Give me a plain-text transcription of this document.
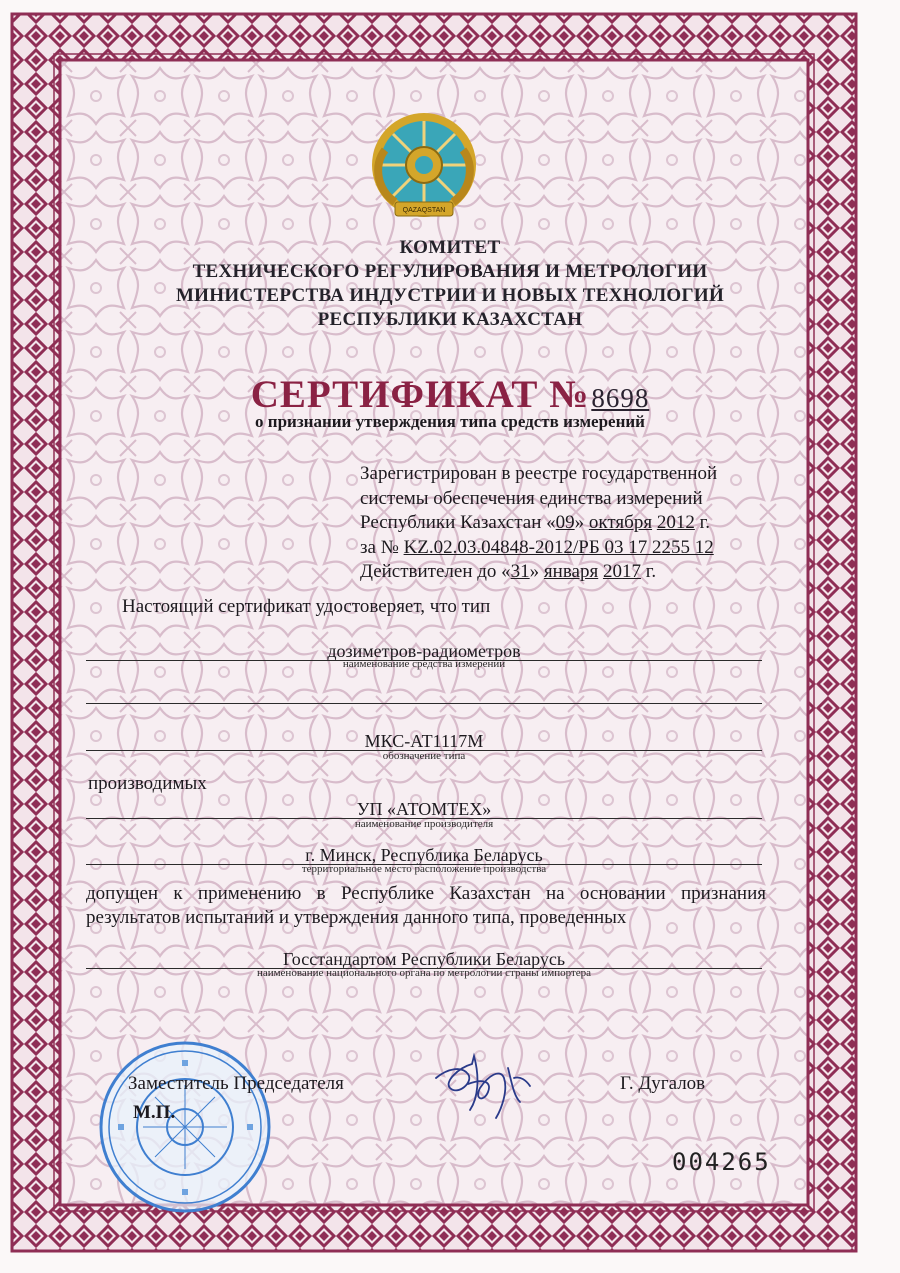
QAZAQSTAN
КОМИТЕТ
ТЕХНИЧЕСКОГО РЕГУЛИРОВАНИЯ И МЕТРОЛОГИИ
МИНИСТЕРСТВА ИНДУСТРИИ И НОВЫХ ТЕХНОЛОГИЙ
РЕСПУБЛИКИ КАЗАХСТАН
СЕРТИФИКАТ №8698
о признании утверждения типа средств измерений
Зарегистрирован в реестре государственной
системы обеспечения единства измерений
Республики Казахстан «09» октября 2012 г.
за № KZ.02.03.04848-2012/РБ 03 17 2255 12
Действителен до «31» января 2017 г.
Настоящий сертификат удостоверяет, что тип
дозиметров-радиометров
наименование средства измерений
МКС-АТ1117М
обозначение типа
производимых
УП «АТОМТЕХ»
наименование производителя
г. Минск, Республика Беларусь
территориальное место расположение производства
допущен к применению в Республике Казахстан на основании признания результатов испытаний и утверждения данного типа, проведенных
Госстандартом Республики Беларусь
наименование национального органа по метрологии страны импортера
Заместитель Председателя
М.П.
Г. Дугалов
004265
